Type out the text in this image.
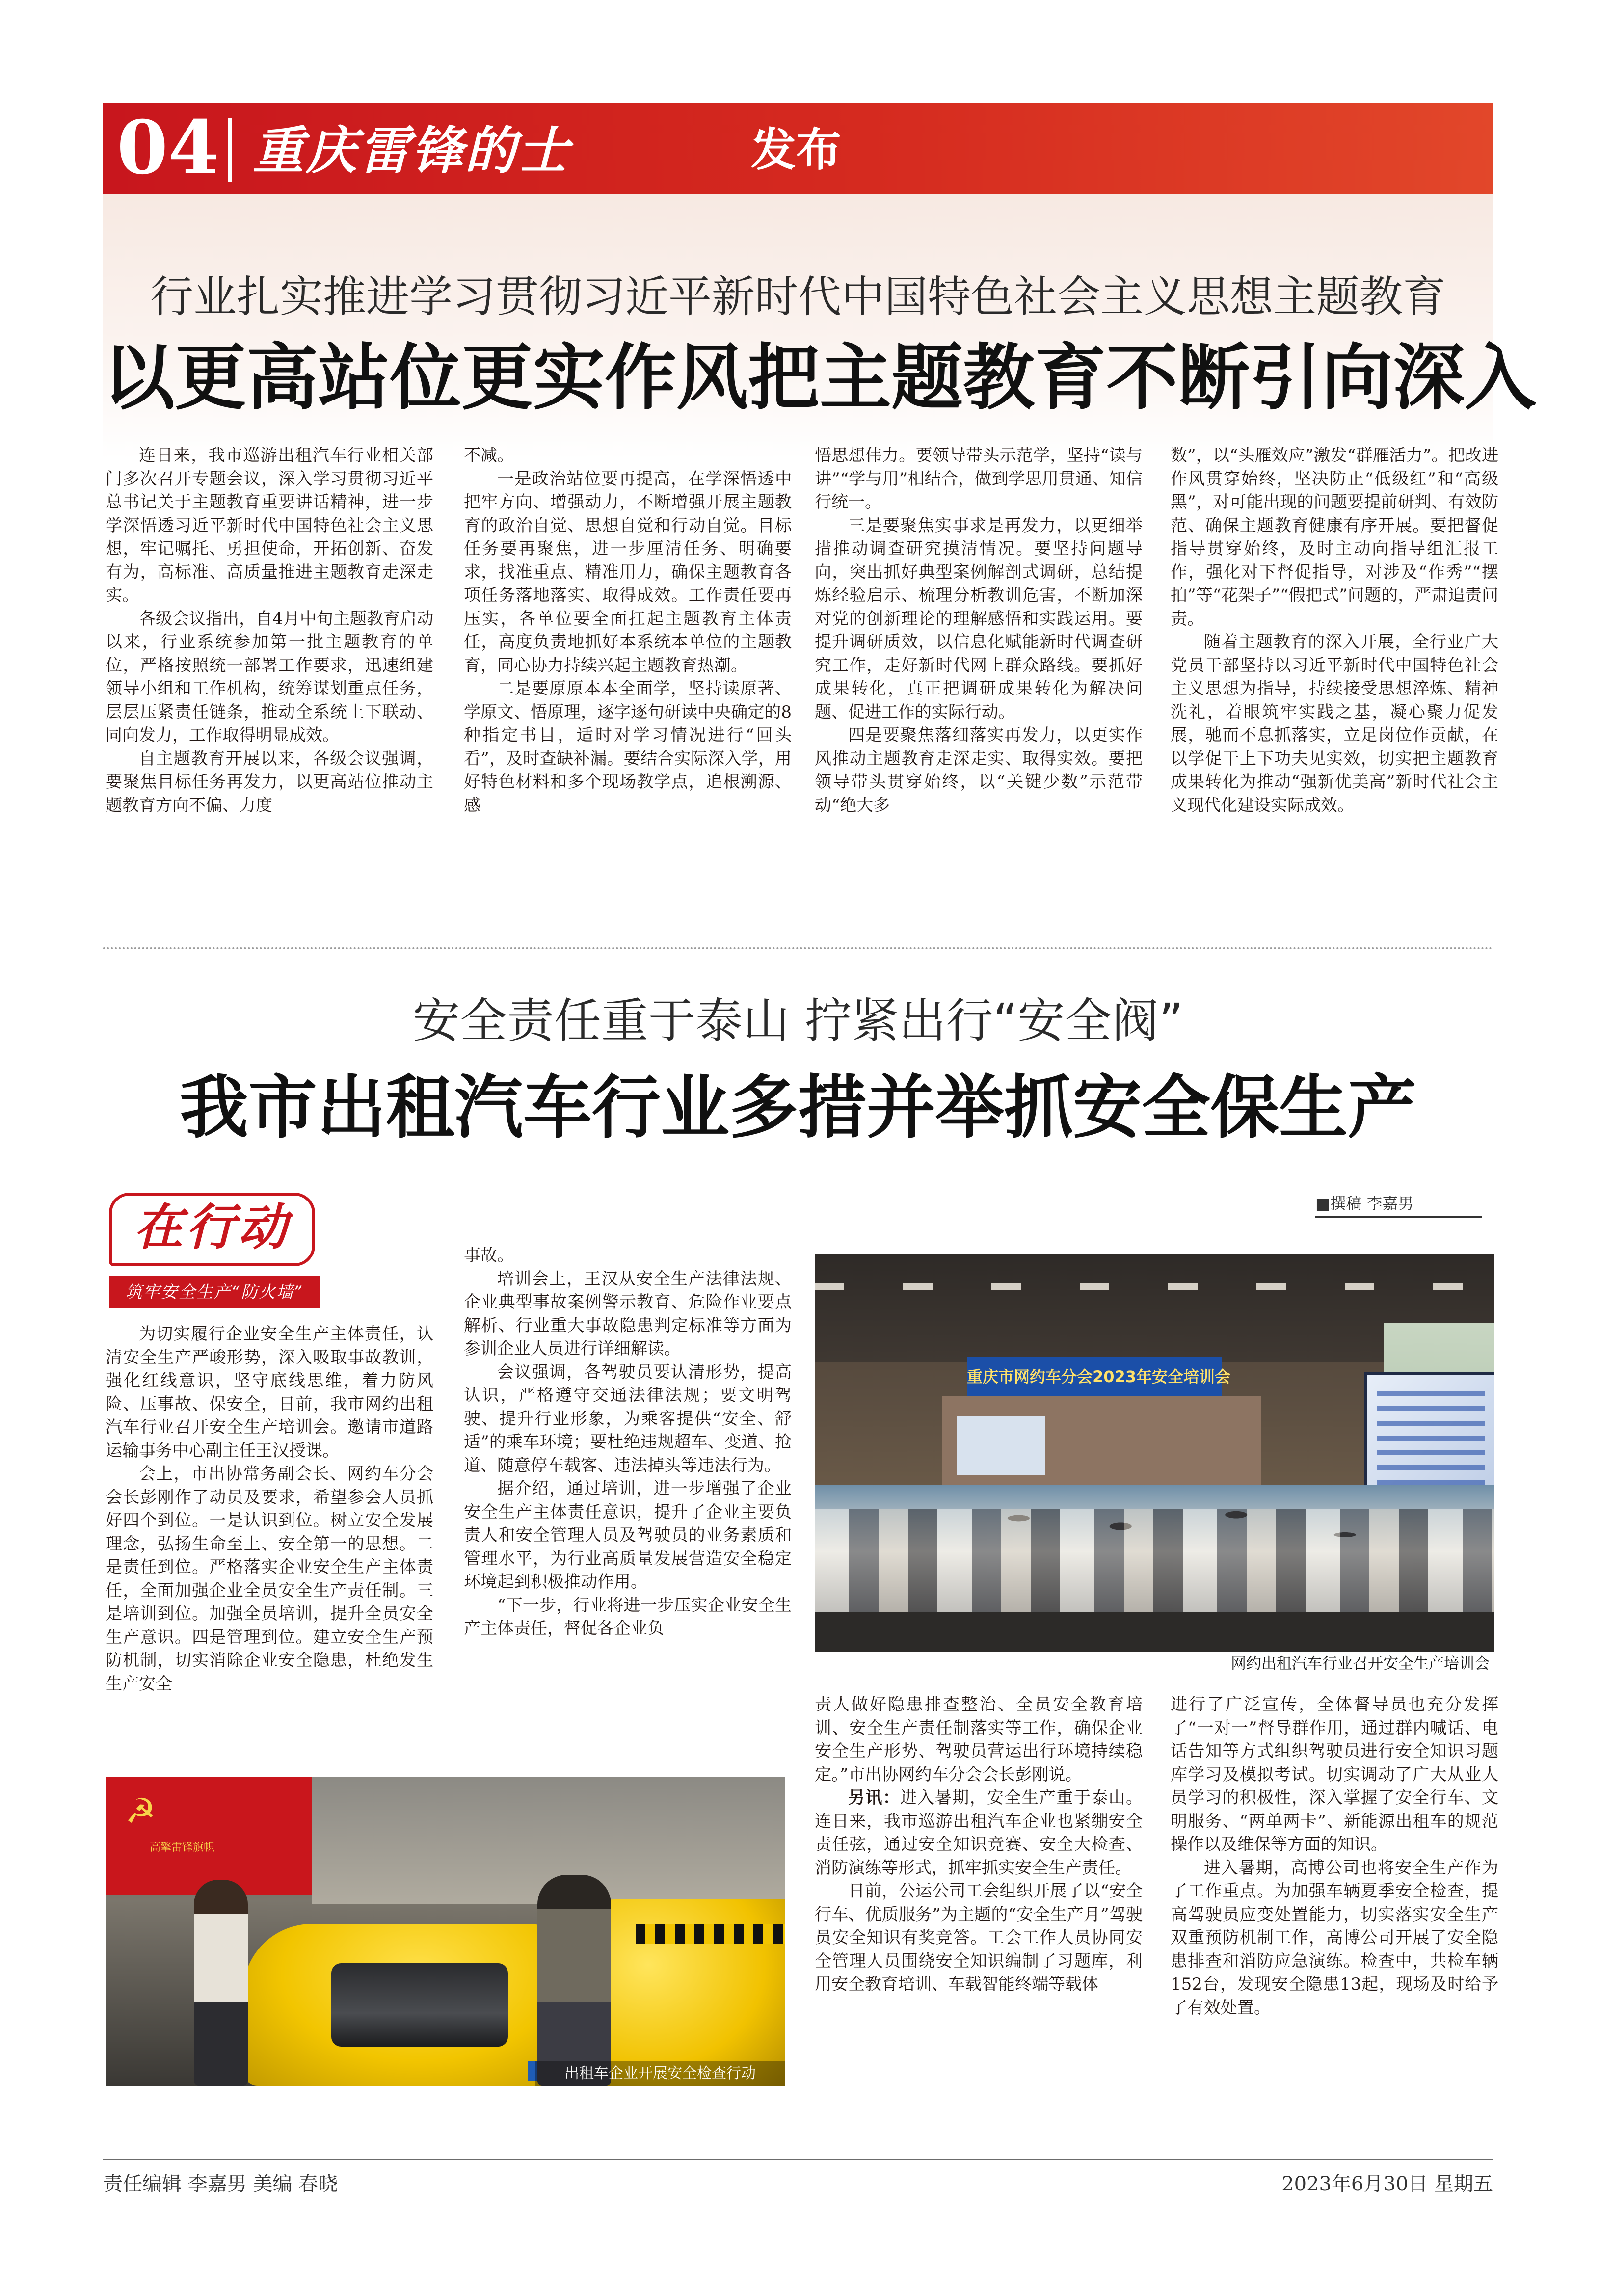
04 重庆雷锋的士	发布
行业扎实推进学习贯彻习近平新时代中国特色社会主义思想主题教育
以更高站位更实作风把主题教育不断引向深入

连日来，我市巡游出租汽车行业相关部门多次召开专题会议，深入学习贯彻习近平总书记关于主题教育重要讲话精神，进一步学深悟透习近平新时代中国特色社会主义思想，牢记嘱托、勇担使命，开拓创新、奋发有为，高标准、高质量推进主题教育走深走实。

各级会议指出，自4月中旬主题教育启动以来，行业系统参加第一批主题教育的单位，严格按照统一部署工作要求，迅速组建领导小组和工作机构，统筹谋划重点任务，层层压紧责任链条，推动全系统上下联动、同向发力，工作取得明显成效。

自主题教育开展以来，各级会议强调，要聚焦目标任务再发力，以更高站位推动主题教育方向不偏、力度

不减。

一是政治站位要再提高，在学深悟透中把牢方向、增强动力，不断增强开展主题教育的政治自觉、思想自觉和行动自觉。目标任务要再聚焦，进一步厘清任务、明确要求，找准重点、精准用力，确保主题教育各项任务落地落实、取得成效。工作责任要再压实，各单位要全面扛起主题教育主体责任，高度负责地抓好本系统本单位的主题教育，同心协力持续兴起主题教育热潮。

二是要原原本本全面学，坚持读原著、学原文、悟原理，逐字逐句研读中央确定的8种指定书目，适时对学习情况进行“回头看”，及时查缺补漏。要结合实际深入学，用好特色材料和多个现场教学点，追根溯源、感

悟思想伟力。要领导带头示范学，坚持“读与讲”“学与用”相结合，做到学思用贯通、知信行统一。

三是要聚焦实事求是再发力，以更细举措推动调查研究摸清情况。要坚持问题导向，突出抓好典型案例解剖式调研，总结提炼经验启示、梳理分析教训危害，不断加深对党的创新理论的理解感悟和实践运用。要提升调研质效，以信息化赋能新时代调查研究工作，走好新时代网上群众路线。要抓好成果转化，真正把调研成果转化为解决问题、促进工作的实际行动。

四是要聚焦落细落实再发力，以更实作风推动主题教育走深走实、取得实效。要把领导带头贯穿始终，以“关键少数”示范带动“绝大多

数”，以“头雁效应”激发“群雁活力”。把改进作风贯穿始终，坚决防止“低级红”和“高级黑”，对可能出现的问题要提前研判、有效防范、确保主题教育健康有序开展。要把督促指导贯穿始终，及时主动向指导组汇报工作，强化对下督促指导，对涉及“作秀”“摆拍”等“花架子”“假把式”问题的，严肃追责问责。

随着主题教育的深入开展，全行业广大党员干部坚持以习近平新时代中国特色社会主义思想为指导，持续接受思想淬炼、精神洗礼，着眼筑牢实践之基，凝心聚力促发展，驰而不息抓落实，立足岗位作贡献，在以学促干上下功夫见实效，切实把主题教育成果转化为推动“强新优美高”新时代社会主义现代化建设实际成效。

安全责任重于泰山 拧紧出行“安全阀”
我市出租汽车行业多措并举抓安全保生产
■撰稿 李嘉男
在行动
筑牢安全生产“防火墙”

为切实履行企业安全生产主体责任，认清安全生产严峻形势，深入吸取事故教训，强化红线意识，坚守底线思维，着力防风险、压事故、保安全，日前，我市网约出租汽车行业召开安全生产培训会。邀请市道路运输事务中心副主任王汉授课。

会上，市出协常务副会长、网约车分会会长彭刚作了动员及要求，希望参会人员抓好四个到位。一是认识到位。树立安全发展理念，弘扬生命至上、安全第一的思想。二是责任到位。严格落实企业安全生产主体责任，全面加强企业全员安全生产责任制。三是培训到位。加强全员培训，提升全员安全生产意识。四是管理到位。建立安全生产预防机制，切实消除企业安全隐患，杜绝发生生产安全

事故。

培训会上，王汉从安全生产法律法规、企业典型事故案例警示教育、危险作业要点解析、行业重大事故隐患判定标准等方面为参训企业人员进行详细解读。

会议强调，各驾驶员要认清形势，提高认识，严格遵守交通法律法规；要文明驾驶、提升行业形象，为乘客提供“安全、舒适”的乘车环境；要杜绝违规超车、变道、抢道、随意停车载客、违法掉头等违法行为。

据介绍，通过培训，进一步增强了企业安全生产主体责任意识，提升了企业主要负责人和安全管理人员及驾驶员的业务素质和管理水平，为行业高质量发展营造安全稳定环境起到积极推动作用。

“下一步，行业将进一步压实企业安全生产主体责任，督促各企业负

重庆市网约车分会2023年安全培训会
网约出租汽车行业召开安全生产培训会

责人做好隐患排查整治、全员安全教育培训、安全生产责任制落实等工作，确保企业安全生产形势、驾驶员营运出行环境持续稳定。”市出协网约车分会会长彭刚说。

另讯：进入暑期，安全生产重于泰山。连日来，我市巡游出租汽车企业也紧绷安全责任弦，通过安全知识竞赛、安全大检查、消防演练等形式，抓牢抓实安全生产责任。

日前，公运公司工会组织开展了以“安全行车、优质服务”为主题的“安全生产月”驾驶员安全知识有奖竞答。工会工作人员协同安全管理人员围绕安全知识编制了习题库，利用安全教育培训、车载智能终端等载体

进行了广泛宣传，全体督导员也充分发挥了“一对一”督导群作用，通过群内喊话、电话告知等方式组织驾驶员进行安全知识习题库学习及模拟考试。切实调动了广大从业人员学习的积极性，深入掌握了安全行车、文明服务、“两单两卡”、新能源出租车的规范操作以及维保等方面的知识。

进入暑期，高博公司也将安全生产作为了工作重点。为加强车辆夏季安全检查，提高驾驶员应变处置能力，切实落实安全生产双重预防机制工作，高博公司开展了安全隐患排查和消防应急演练。检查中，共检车辆152台，发现安全隐患13起，现场及时给予了有效处置。

☭
高擎雷锋旗帜
出租车企业开展安全检查行动
责任编辑 李嘉男 美编 春晓	2023年6月30日 星期五
